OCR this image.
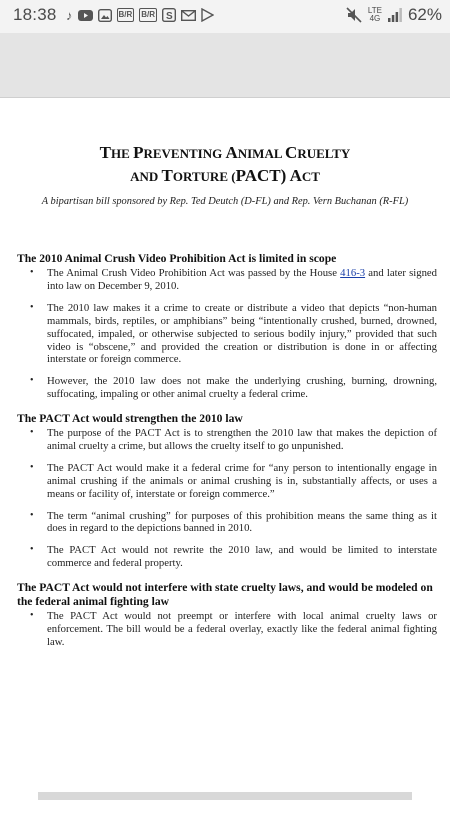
18:38 ♪	B/R B/R S
LTE
4G 62%
THE PREVENTING ANIMAL CRUELTY
AND TORTURE (PACT) ACT
A bipartisan bill sponsored by Rep. Ted Deutch (D-FL) and Rep. Vern Buchanan (R-FL)
The 2010 Animal Crush Video Prohibition Act is limited in scope
• The Animal Crush Video Prohibition Act was passed by the House 416-3 and later signed into law on December 9, 2010.
• The 2010 law makes it a crime to create or distribute a video that depicts “non-human mammals, birds, reptiles, or amphibians” being “intentionally crushed, burned, drowned, suffocated, impaled, or otherwise subjected to serious bodily injury,” provided that such video is “obscene,” and provided the creation or distribution is done in or affecting interstate or foreign commerce.
• However, the 2010 law does not make the underlying crushing, burning, drowning, suffocating, impaling or other animal cruelty a federal crime.
The PACT Act would strengthen the 2010 law
• The purpose of the PACT Act is to strengthen the 2010 law that makes the depiction of animal cruelty a crime, but allows the cruelty itself to go unpunished.
• The PACT Act would make it a federal crime for “any person to intentionally engage in animal crushing if the animals or animal crushing is in, substantially affects, or uses a means or facility of, interstate or foreign commerce.”
• The term “animal crushing” for purposes of this prohibition means the same thing as it does in regard to the depictions banned in 2010.
• The PACT Act would not rewrite the 2010 law, and would be limited to interstate commerce and federal property.
The PACT Act would not interfere with state cruelty laws, and would be modeled on the federal animal fighting law
• The PACT Act would not preempt or interfere with local animal cruelty laws or enforcement. The bill would be a federal overlay, exactly like the federal animal fighting law.
